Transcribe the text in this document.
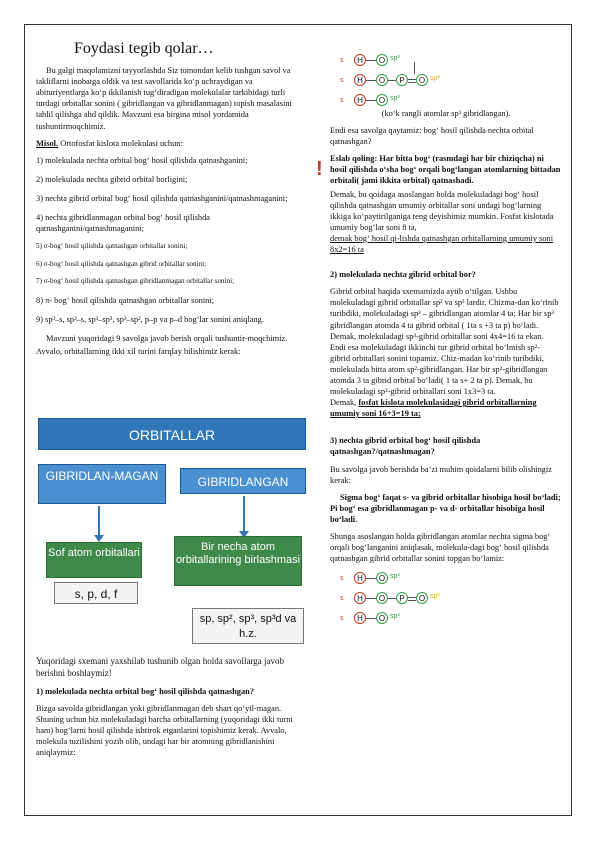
Foydasi tegib qolar…

Bu galgi maqolamizni tayyorlashda Siz tomondan kelib tushgan savol va takliflarni inobatga oldik va test savollarida ko‘p uchraydigan va abituriyentlarga ko‘p ikkilanish tug‘diradigan molekulalar tarkibidagi turli turdagi orbitallar sonini ( gibridlangan va gibridlanmagan) topish masalasini tahlil qilishga ahd qildik. Mavzuni esa birgina misol yordamida tushuntirmoqchimiz.

Misol. Ortofosfat kislota molekulasi uchun:

1) molekulada nechta orbital bog‘ hosil qilishda qatnashganini;
2) molekulada nechta gibrid orbital borligini;
3) nechta gibrid orbital bog‘ hosil qilishda qatnashganini/qatnashmaganini;
4) nechta gibridlanmagan orbital bog‘ hosil qilishda qatnashganini/qatnashmaganini;
5) σ-bog‘ hosil qilishda qatnashgan orbitallar sonini;
6) σ-bog‘ hosil qilishda qatnashgan gibrid orbitallar sonini;
7) σ-bog‘ hosil qilishda qatnashgan gibridlanmagan orbitallar sonini;
8) π- bog‘ hosil qilishda qatnashgan orbitallar sonini;
9) sp³–s, sp³–s, sp³–sp³, sp³–sp², p–p va p–d bog‘lar sonini aniqlang.

Mavzuni yuqoridagi 9 savolga javob berish orqali tushuntir-moqchimiz.

Avvalo, orbitallarning ikki xil turini farqlay bilishimiz kerak:

ORBITALLAR
GIBRIDLAN-MAGAN	GIBRIDLANGAN
Sof atom orbitallari
s, p, d, f
Bir necha atom orbitallarining birlashmasi
sp, sp², sp³, sp³d va h.z.

Yuqoridagi sxemani yaxshilab tushunib olgan holda savollarga javob berishni boshlaymiz!

1) molekulada nechta orbital bog‘ hosil qilishda qatnashgan?

Bizga savolda gibridlangan yoki gibridlanmagan deb shart qo‘yil-magan. Shuning uchun biz molekuladagi barcha orbitallarning (yuqoridagi ikki turni ham) bog‘larni hosil qilishda ishtirok etganlarini topishimiz kerak. Avvalo, molekula tuzilishini yozib olib, undagi har bir atomning gibridlanishini aniqlaymiz:

s	H	O sp³
s	H	O	P	O sp²
s	H	O sp³
(ko‘k rangli atomlar sp³ gibridlangan).

Endi esa savolga qaytamiz: bog‘ hosil qilishda nechta orbital qatnashgan?

Eslab qoling: Har bitta bog‘ (rasmdagi har bir chiziqcha) ni hosil qilishda o‘sha bog‘ orqali bog‘langan atomlarning bittadan orbitali( jami ikkita orbital) qatnashadi.

Demak, bu qoidaga asoslangan holda molekuladagi bog‘ hosil qilishda qatnashgan umumiy orbitallar soni undagi bog‘larning ikkiga ko‘paytirilganiga teng deyishimiz mumkin. Fosfat kislotada umumiy bog‘lar soni 8 ta,

demak bog‘ hosil qi-lishda qatnashgan orbitallarning umumiy soni 8x2=16 ta

2) molekulada nechta gibrid orbital bor?

Gibrid orbital haqida sxemamizda aytib o‘tilgan. Ushbu molekuladagi gibrid orbitallar sp² va sp³ lardir. Chizma-dan ko‘rinib turibdiki, molekuladagi sp³ – gibridlangan atomlar 4 ta; Har bir sp³ gibridlangan atomda 4 ta gibrid orbital ( 1ta s +3 ta p) bo‘ladi. Demak, molekuladagi sp³-gibrid orbitallar soni 4x4=16 ta ekan.

Endi esa molekuladagi ikkinchi tur gibrid orbital bo‘lmish sp²- gibrid orbitallari sonini topamiz. Chiz-madan ko‘rinib turibdiki, molekulada bitta atom sp²-gibridlangan. Har bir sp²-gibridlangan atomda 3 ta gibrid orbital bo‘ladi( 1 ta s+ 2 ta p). Demak, bu molekuladagi sp²-gibrid orbitallari soni 1x3=3 ta.

Demak, fosfat kislota molekulasidagi gibrid orbitallarning umumiy soni 16+3=19 ta;

3) nechta gibrid orbital bog‘ hosil qilishda qatnashgan?/qatnashmagan?

Bu savolga javob berishda ba’zi muhim qoidalarni bilib olishingiz kerak:

Sigma bog‘ faqat s- va gibrid orbitallar hisobiga hosil bo‘ladi;

Pi bog‘ esa gibridlanmagan p- va d- orbitallar hisobiga hosil bo‘ladi.

Shunga asoslangan holda gibridlangan atomlar nechta sigma bog‘ orqali bog‘langanini aniqlasak, molekula-dagi bog‘ hosil qilishda qatnashgan gibrid orbitallar sonini topgan bo‘lamiz:

s	H	O sp³
s	H	O	P	O sp²
s	H	O sp³
!
